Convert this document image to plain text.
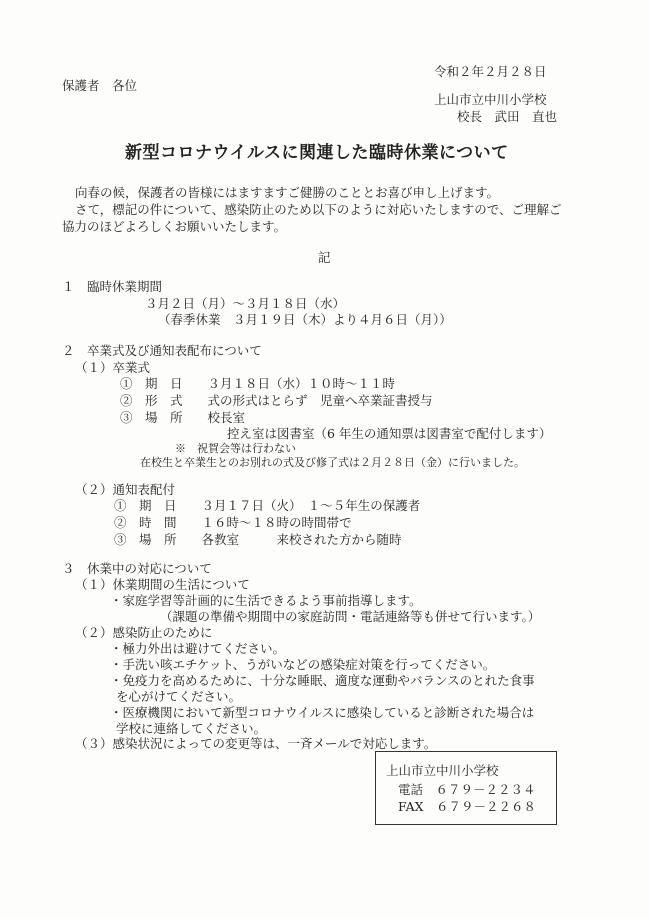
令和２年２月２８日
保護者　各位
上山市立中川小学校
校長　武田　直也
新型コロナウイルスに関連した臨時休業について
向春の候，保護者の皆様にはますますご健勝のこととお喜び申し上げます。
さて，標記の件について、感染防止のため以下のように対応いたしますので、ご理解ご
協力のほどよろしくお願いいたします。
記
１　臨時休業期間
３月２日（月）～３月１８日（水）
（春季休業　３月１９日（木）より４月６日（月））
２　卒業式及び通知表配布について
（１）卒業式
①　期　日　　３月１８日（水）１０時～１１時
②　形　式　　式の形式はとらず　児童へ卒業証書授与
③　場　所　　校長室
控え室は図書室（6 年生の通知票は図書室で配付します）
※　祝賀会等は行わない
在校生と卒業生とのお別れの式及び修了式は２月２８日（金）に行いました。
（２）通知表配付
①　期　日　　３月１７日（火）　１～５年生の保護者
②　時　間　　１６時～１８時の時間帯で
③　場　所　　各教室　　　来校された方から随時
３　休業中の対応について
（１）休業期間の生活について
・家庭学習等計画的に生活できるよう事前指導します。
（課題の準備や期間中の家庭訪問・電話連絡等も併せて行います。）
（２）感染防止のために
・極力外出は避けてください。
・手洗い咳エチケット、うがいなどの感染症対策を行ってください。
・免疫力を高めるために、十分な睡眠、適度な運動やバランスのとれた食事
を心がけてください。
・医療機関において新型コロナウイルスに感染していると診断された場合は
学校に連絡してください。
（３）感染状況によっての変更等は、一斉メールで対応します。
上山市立中川小学校
電話　６７９－２２３４
FAX　６７９－２２６８
